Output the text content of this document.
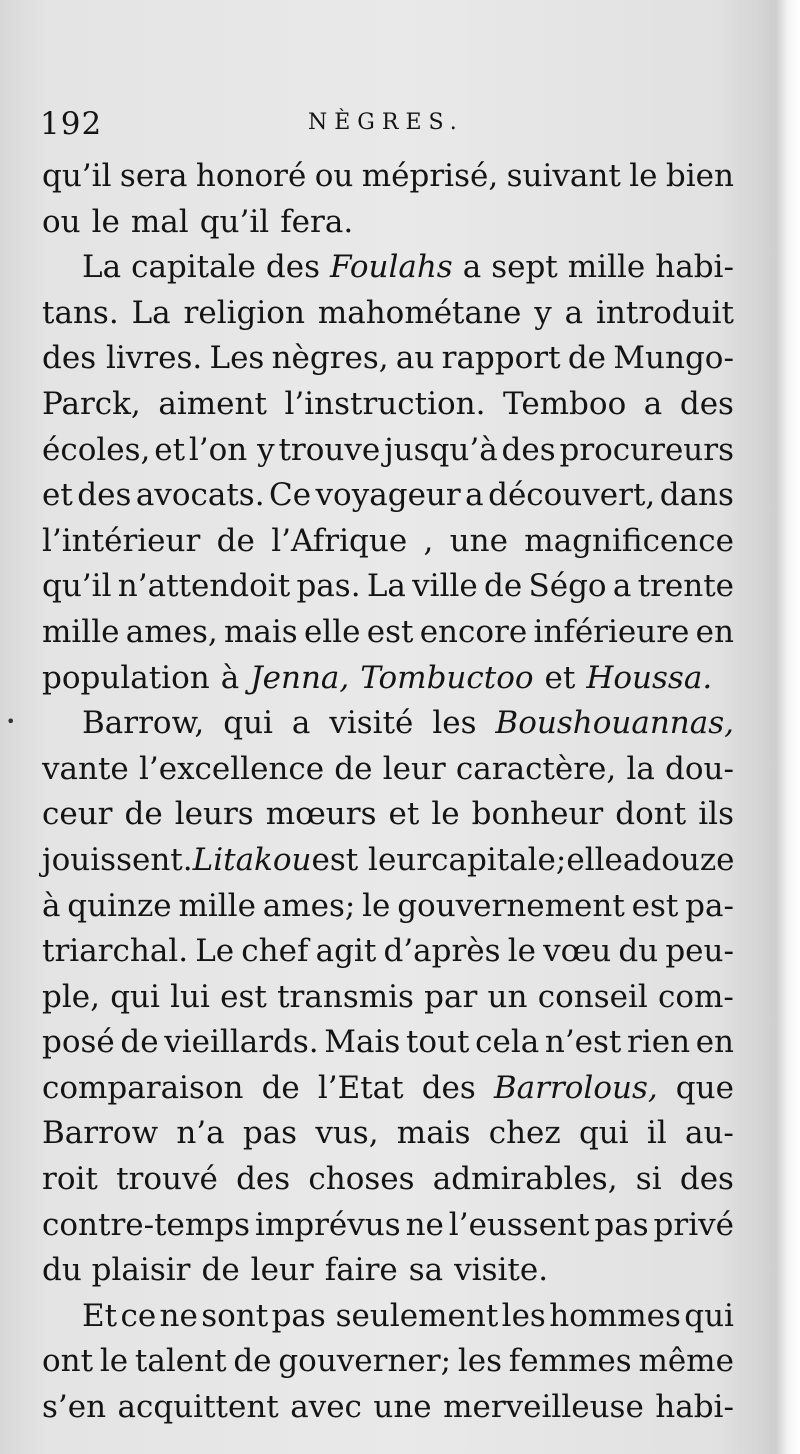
192	NÈGRES.
•
qu’il sera honoré ou méprisé, suivant le bien
ou le mal qu’il fera.
La capitale des Foulahs a sept mille habi-
tans. La religion mahométane y a introduit
des livres. Les nègres, au rapport de Mungo-
Parck, aiment l’instruction. Temboo a des
écoles, et l’on y trouve jusqu’à des procureurs
et des avocats. Ce voyageur a découvert, dans
l’intérieur de l’Afrique , une magnificence
qu’il n’attendoit pas. La ville de Ségo a trente
mille ames, mais elle est encore inférieure en
population à Jenna, Tombuctoo et Houssa.
Barrow, qui a visité les Boushouannas,
vante l’excellence de leur caractère, la dou-
ceur de leurs mœurs et le bonheur dont ils
jouissent. Litakou est leur capitale; elle a douze
à quinze mille ames; le gouvernement est pa-
triarchal. Le chef agit d’après le vœu du peu-
ple, qui lui est transmis par un conseil com-
posé de vieillards. Mais tout cela n’est rien en
comparaison de l’Etat des Barrolous, que
Barrow n’a pas vus, mais chez qui il au-
roit trouvé des choses admirables, si des
contre-temps imprévus ne l’eussent pas privé
du plaisir de leur faire sa visite.
Et ce ne sont pas seulement les hommes qui
ont le talent de gouverner; les femmes même
s’en acquittent avec une merveilleuse habi-
